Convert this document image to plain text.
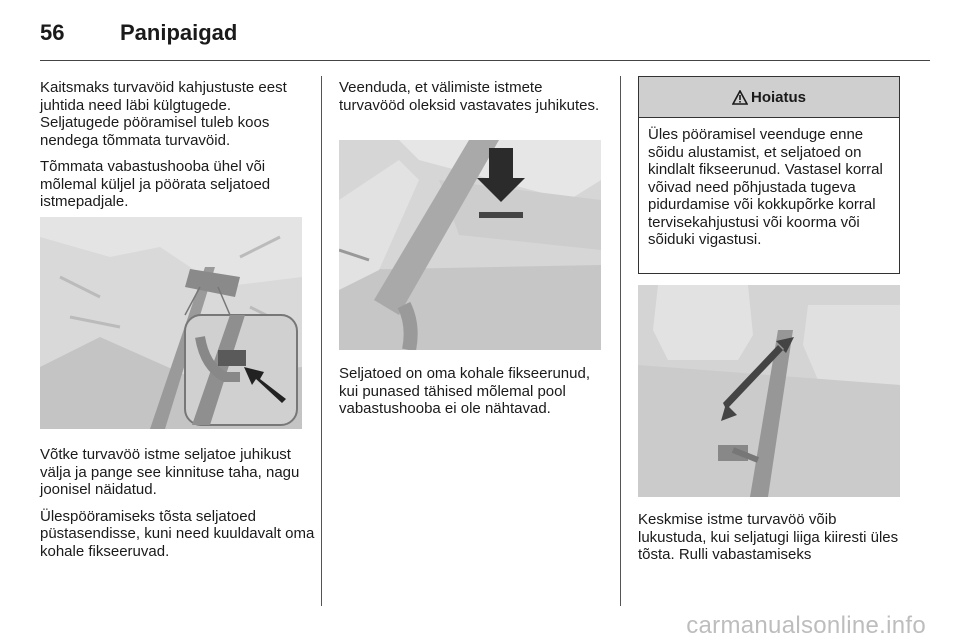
56	Panipaigad

Kaitsmaks turvavöid kahjustuste eest juhtida need läbi külgtugede. Seljatugede pööramisel tuleb koos nendega tõmmata turvavöid.

Tõmmata vabastushooba ühel või mõlemal küljel ja pöörata seljatoed istmepadjale.

Võtke turvavöö istme seljatoe juhikust välja ja pange see kinnituse taha, nagu joonisel näidatud.

Ülespööramiseks tõsta seljatoed püstasendisse, kuni need kuuldavalt oma kohale fikseeruvad.

Veenduda, et välimiste istmete turvavööd oleksid vastavates juhikutes.

Seljatoed on oma kohale fikseerunud, kui punased tähised mõlemal pool vabastushooba ei ole nähtavad.

Hoiatus
Üles pööramisel veenduge enne sõidu alustamist, et seljatoed on kindlalt fikseerunud. Vastasel korral võivad need põhjustada tugeva pidurdamise või kokkupõrke korral tervisekahjustusi või koorma või sõiduki vigastusi.

Keskmise istme turvavöö võib lukustuda, kui seljatugi liiga kiiresti üles tõsta. Rulli vabastamiseks

carmanualsonline.info
